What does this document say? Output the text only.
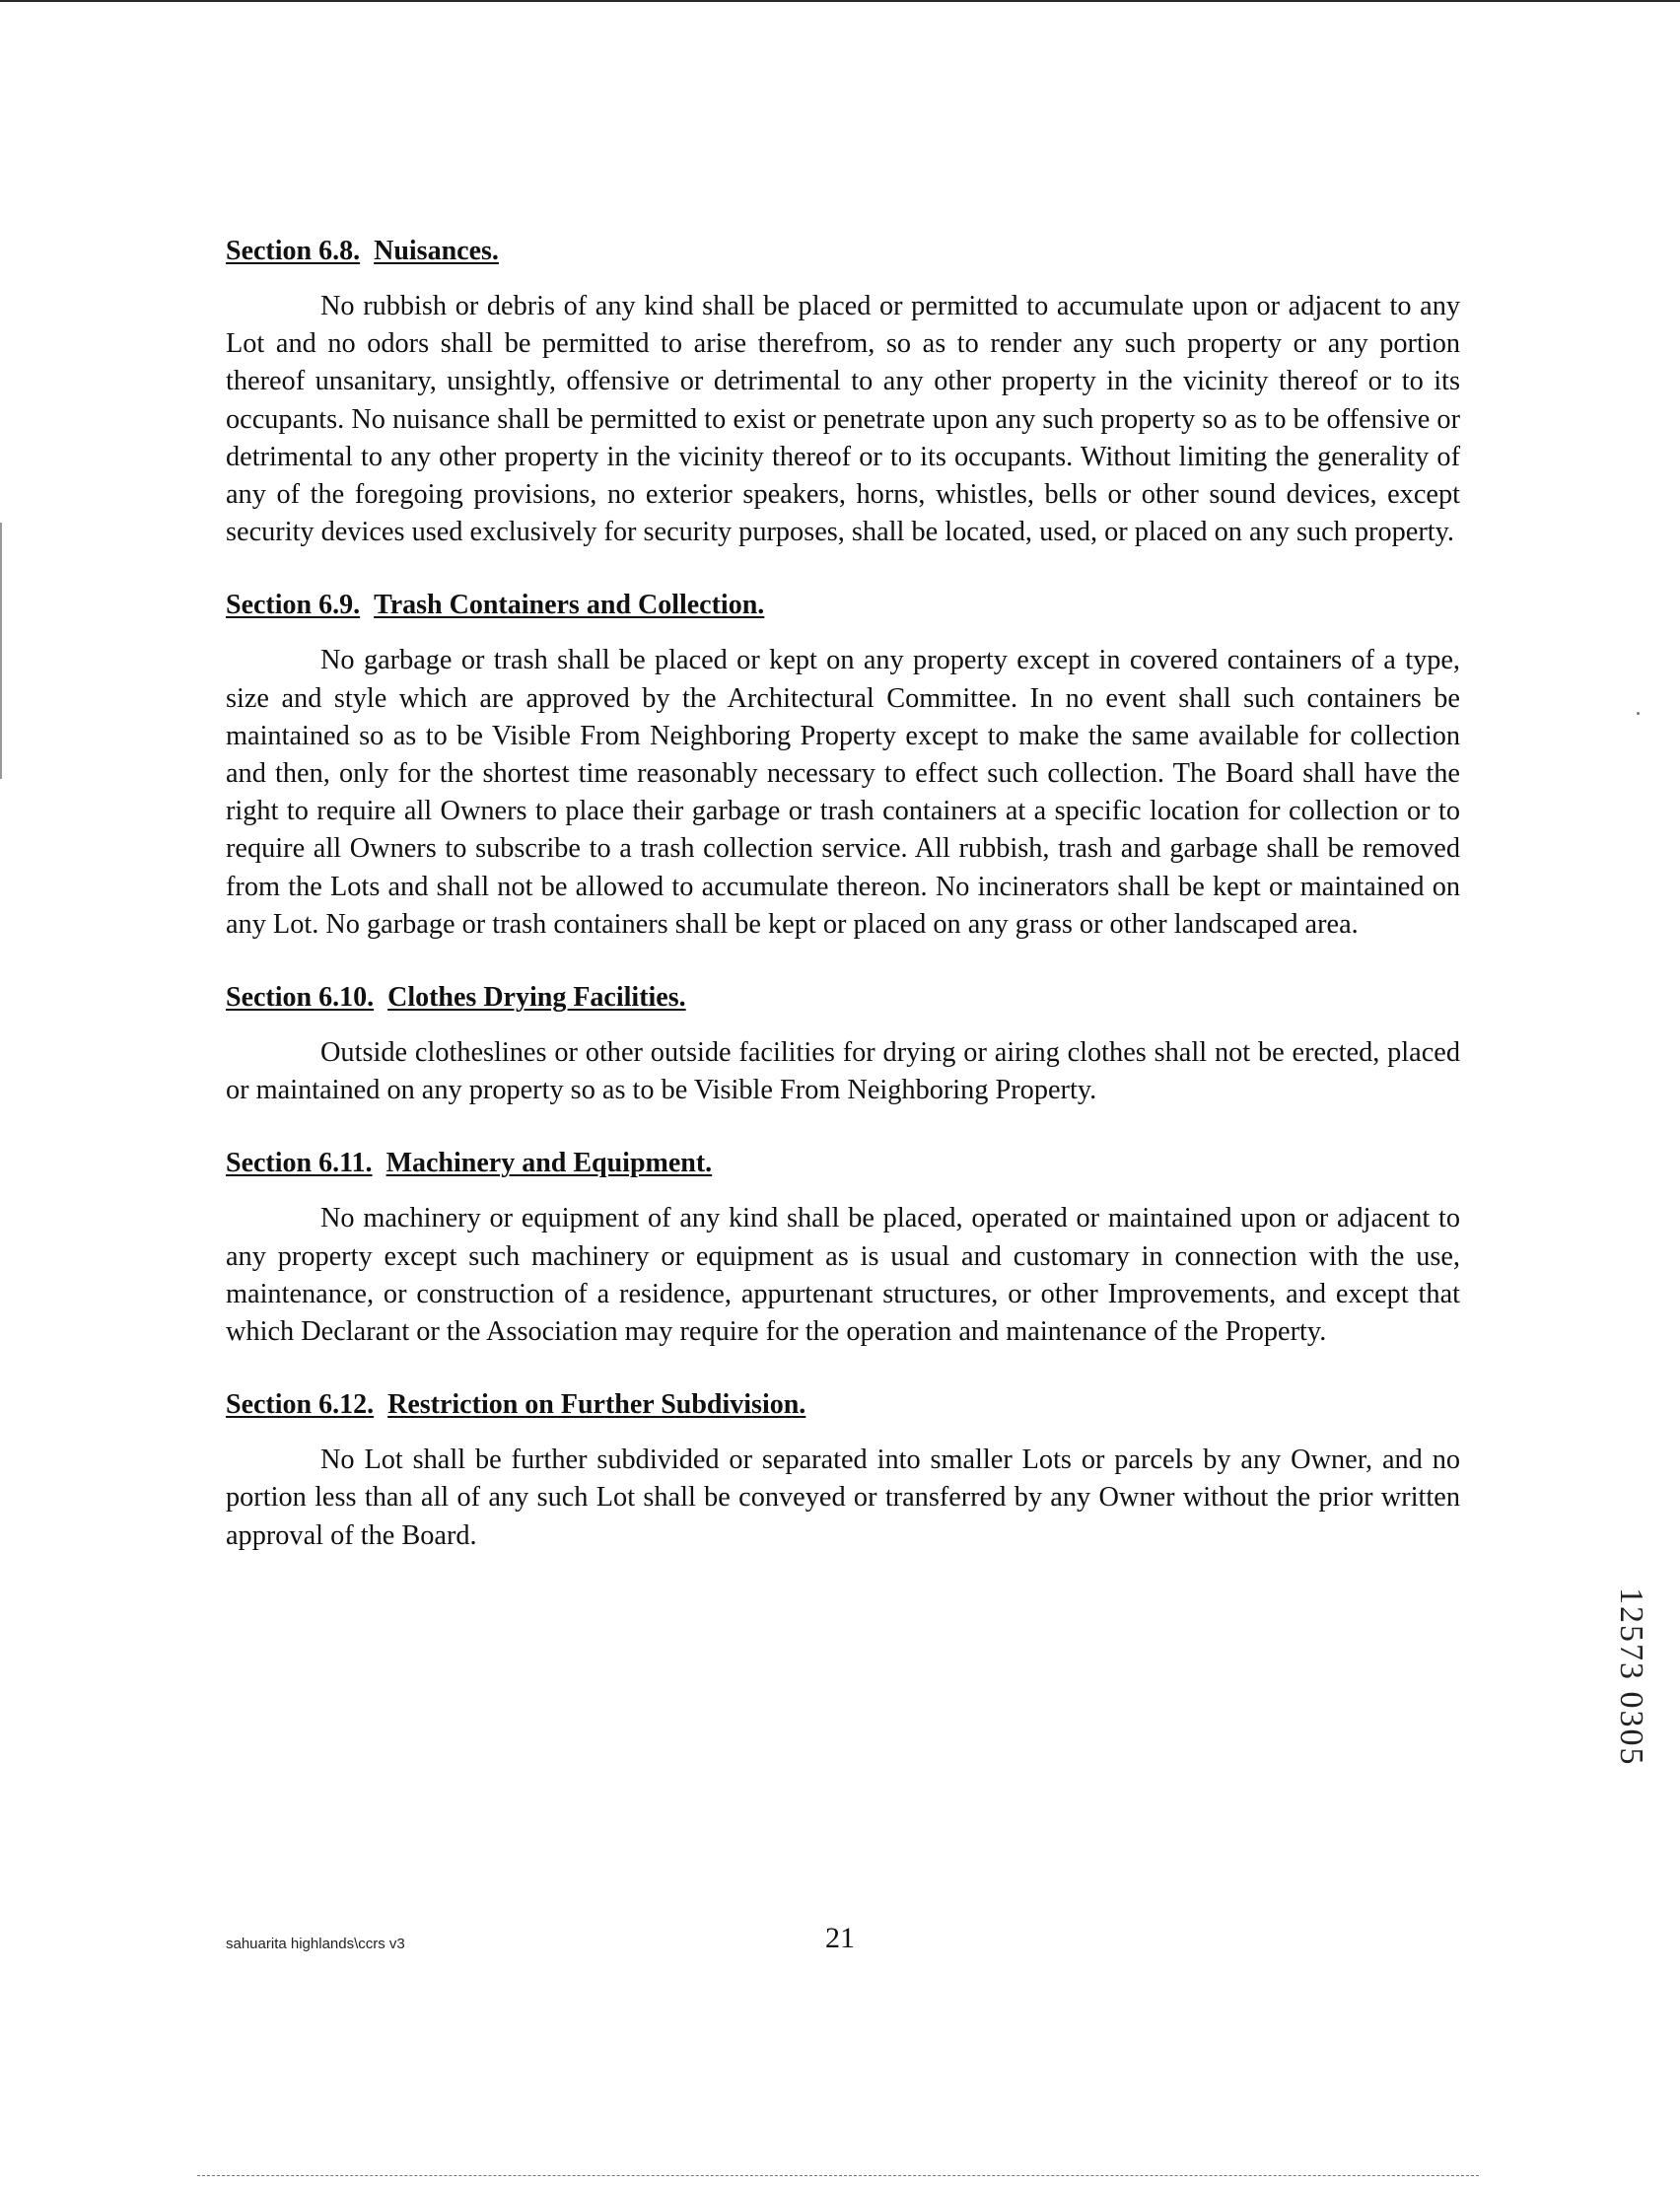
Section 6.8. Nuisances.

No rubbish or debris of any kind shall be placed or permitted to accumulate upon or adjacent to any Lot and no odors shall be permitted to arise therefrom, so as to render any such property or any portion thereof unsanitary, unsightly, offensive or detrimental to any other property in the vicinity thereof or to its occupants. No nuisance shall be permitted to exist or penetrate upon any such property so as to be offensive or detrimental to any other property in the vicinity thereof or to its occupants. Without limiting the generality of any of the foregoing provisions, no exterior speakers, horns, whistles, bells or other sound devices, except security devices used exclusively for security purposes, shall be located, used, or placed on any such property.

Section 6.9. Trash Containers and Collection.

No garbage or trash shall be placed or kept on any property except in covered containers of a type, size and style which are approved by the Architectural Committee. In no event shall such containers be maintained so as to be Visible From Neighboring Property except to make the same available for collection and then, only for the shortest time reasonably necessary to effect such collection. The Board shall have the right to require all Owners to place their garbage or trash containers at a specific location for collection or to require all Owners to subscribe to a trash collection service. All rubbish, trash and garbage shall be removed from the Lots and shall not be allowed to accumulate thereon. No incinerators shall be kept or maintained on any Lot. No garbage or trash containers shall be kept or placed on any grass or other landscaped area.

Section 6.10. Clothes Drying Facilities.

Outside clotheslines or other outside facilities for drying or airing clothes shall not be erected, placed or maintained on any property so as to be Visible From Neighboring Property.

Section 6.11. Machinery and Equipment.

No machinery or equipment of any kind shall be placed, operated or maintained upon or adjacent to any property except such machinery or equipment as is usual and customary in connection with the use, maintenance, or construction of a residence, appurtenant structures, or other Improvements, and except that which Declarant or the Association may require for the operation and maintenance of the Property.

Section 6.12. Restriction on Further Subdivision.

No Lot shall be further subdivided or separated into smaller Lots or parcels by any Owner, and no portion less than all of any such Lot shall be conveyed or transferred by any Owner without the prior written approval of the Board.

sahuarita highlands\ccrs v3	21
12573 0305
